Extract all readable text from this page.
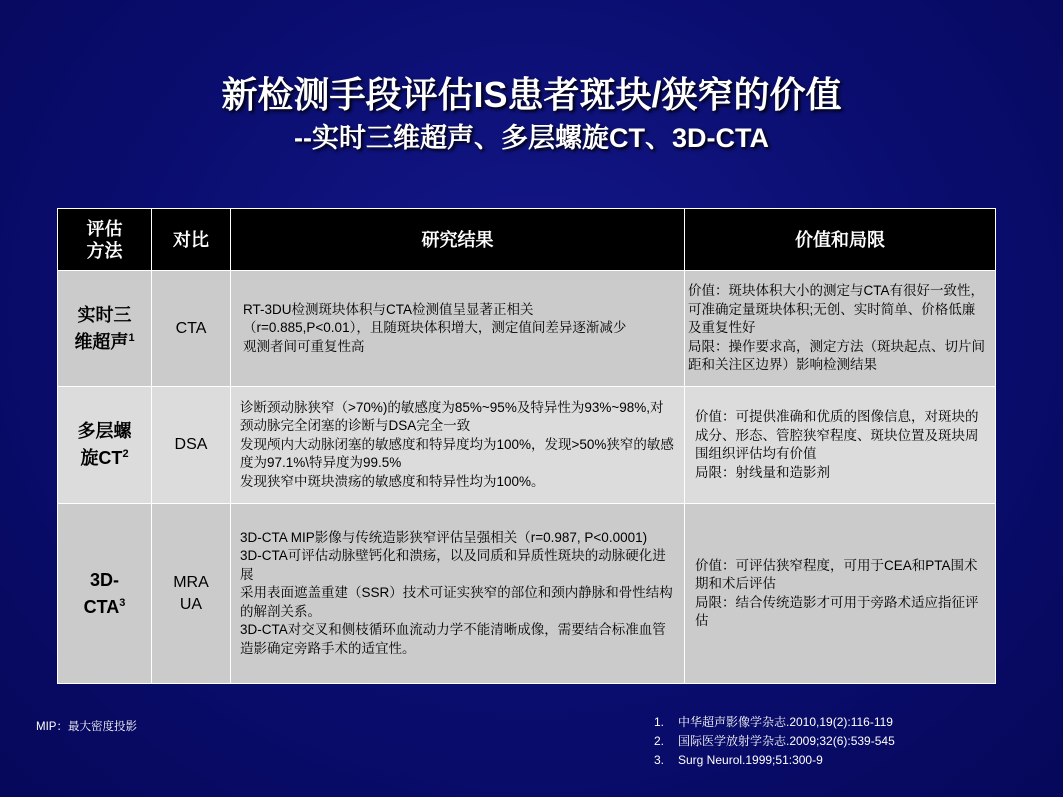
新检测手段评估IS患者斑块/狭窄的价值
--实时三维超声、多层螺旋CT、3D-CTA
评估
方法	对比	研究结果	价值和局限

实时三
维超声$^1$	CTA	RT-3DU检测斑块体积与CTA检测值呈显著正相关
（r=0.885,P<0.01），且随斑块体积增大，测定值间差异逐渐减少
观测者间可重复性高	价值：斑块体积大小的测定与CTA有很好一致性，可准确定量斑块体积;无创、实时简单、价格低廉及重复性好
局限：操作要求高，测定方法（斑块起点、切片间距和关注区边界）影响检测结果

多层螺
旋$CT^2$	DSA	诊断颈动脉狭窄（>70%)的敏感度为85%~95%及特异性为93%~98%,对颈动脉完全闭塞的诊断与DSA完全一致
发现颅内大动脉闭塞的敏感度和特异度均为100%，发现>50%狭窄的敏感度为97.1%\特异度为99.5%
发现狭窄中斑块溃疡的敏感度和特异性均为100%。	价值：可提供准确和优质的图像信息，对斑块的成分、形态、管腔狭窄程度、斑块位置及斑块周围组织评估均有价值
局限：射线量和造影剂

3D-
CTA$^3$	MRA
UA	3D-CTA MIP影像与传统造影狭窄评估呈强相关（r=0.987, P<0.0001)
3D-CTA可评估动脉壁钙化和溃疡，以及同质和异质性斑块的动脉硬化进展
采用表面遮盖重建（SSR）技术可证实狭窄的部位和颈内静脉和骨性结构的解剖关系。
3D-CTA对交叉和侧枝循环血流动力学不能清晰成像，需要结合标准血管造影确定旁路手术的适宜性。	价值：可评估狭窄程度，可用于CEA和PTA围术期和术后评估
局限：结合传统造影才可用于旁路术适应指征评估
MIP：最大密度投影	1. 中华超声影像学杂志.2010,19(2):116-119
2. 国际医学放射学杂志.2009;32(6):539-545
3. Surg Neurol.1999;51:300-9
